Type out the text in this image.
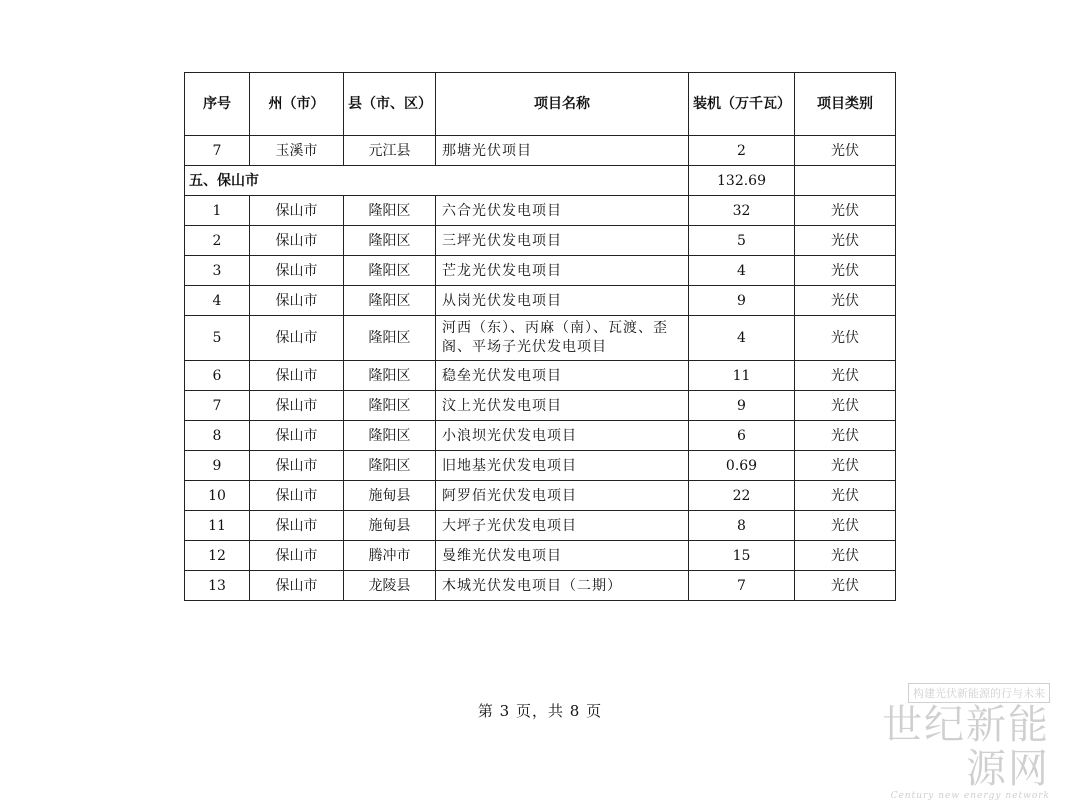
序号	州（市）	县（市、区）	项目名称	装机（万千瓦）	项目类别
7	玉溪市	元江县	那塘光伏项目	2	光伏
五、保山市				132.69	
1	保山市	隆阳区	六合光伏发电项目	32	光伏
2	保山市	隆阳区	三坪光伏发电项目	5	光伏
3	保山市	隆阳区	芒龙光伏发电项目	4	光伏
4	保山市	隆阳区	从岗光伏发电项目	9	光伏
5	保山市	隆阳区	河西（东）、丙麻（南）、瓦渡、歪阁、平场子光伏发电项目	4	光伏
6	保山市	隆阳区	稳垒光伏发电项目	11	光伏
7	保山市	隆阳区	汶上光伏发电项目	9	光伏
8	保山市	隆阳区	小浪坝光伏发电项目	6	光伏
9	保山市	隆阳区	旧地基光伏发电项目	0.69	光伏
10	保山市	施甸县	阿罗佰光伏发电项目	22	光伏
11	保山市	施甸县	大坪子光伏发电项目	8	光伏
12	保山市	腾冲市	曼维光伏发电项目	15	光伏
13	保山市	龙陵县	木城光伏发电项目（二期）	7	光伏
第 3 页，共 8 页
构建光伏新能源的行与未来
世纪新能源网
Century new energy network
